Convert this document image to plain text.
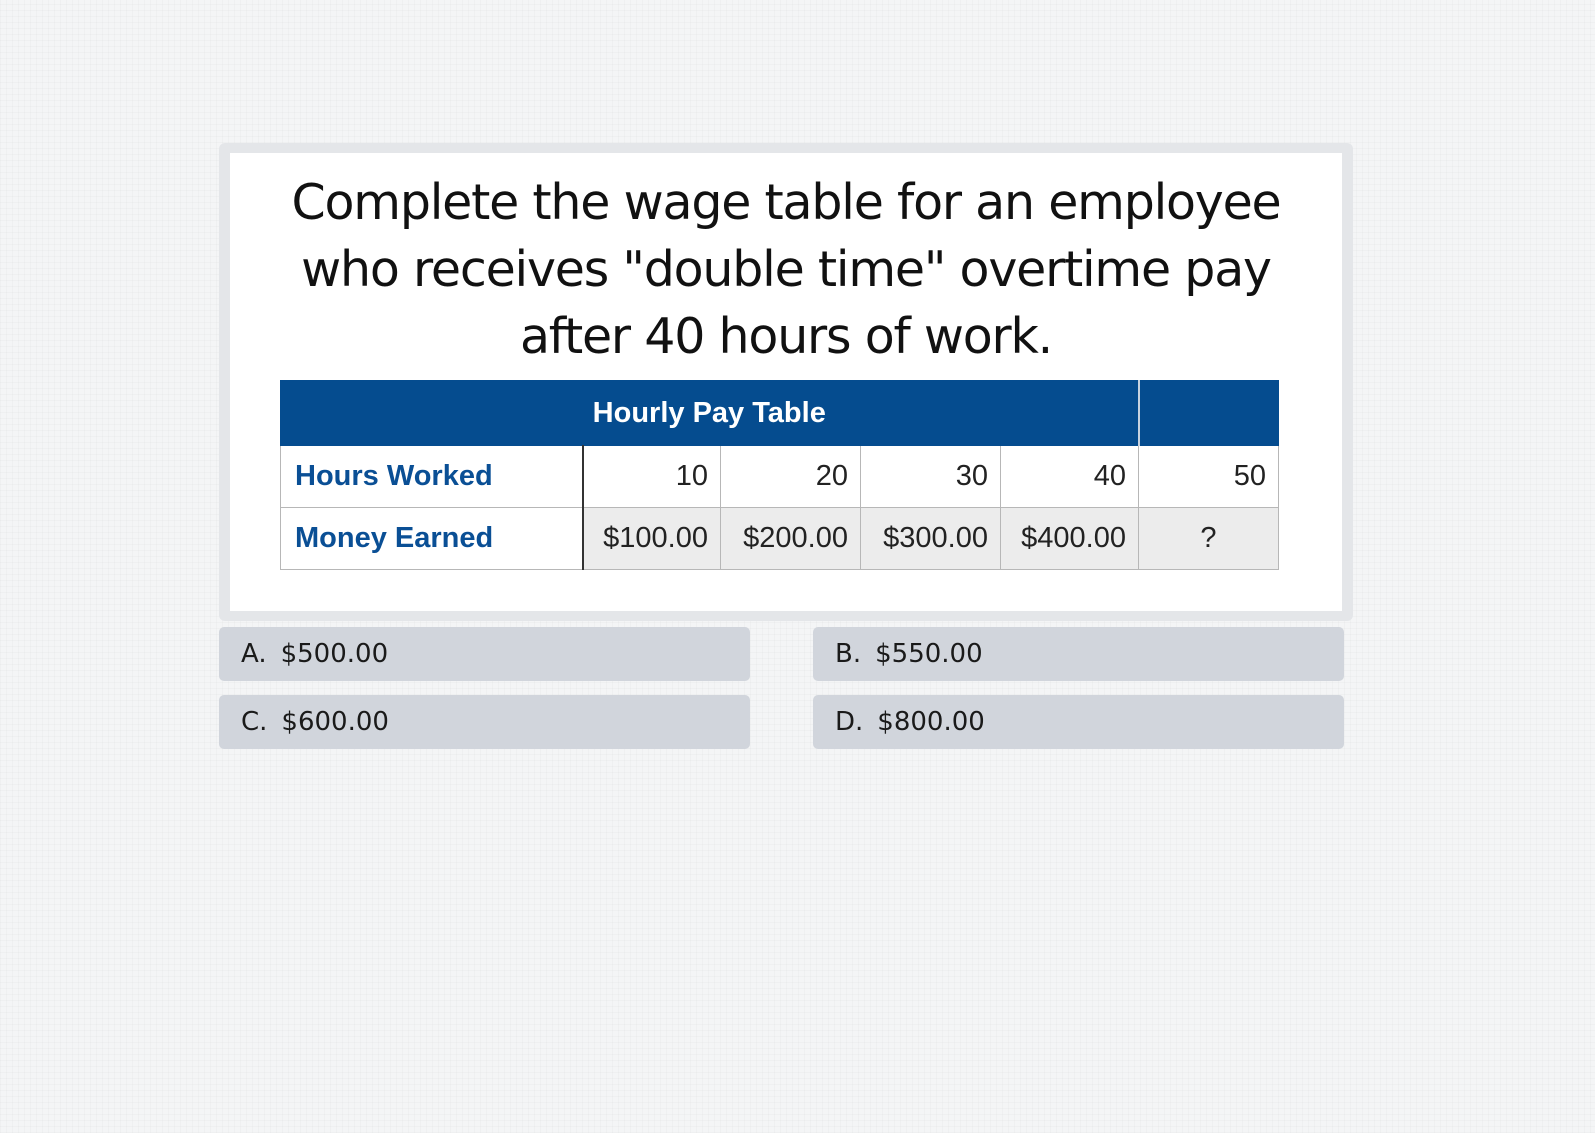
Complete the wage table for an employee
who receives "double time" overtime pay
after 40 hours of work.

Hourly Pay Table					
Hours Worked	10	20	30	40	50
Money Earned	$100.00	$200.00	$300.00	$400.00	?
A. $500.00	B. $550.00
C. $600.00	D. $800.00
